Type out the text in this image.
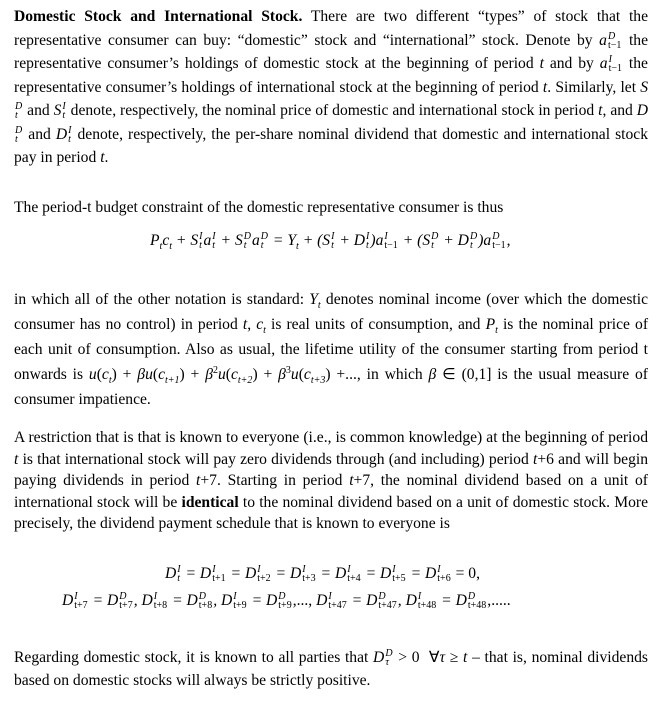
Domestic Stock and International Stock. There are two different “types” of stock that the representative consumer can buy: “domestic” stock and “international” stock. Denote by a D
t−1 the representative consumer’s holdings of domestic stock at the beginning of period t and by a I
t−1 the representative consumer’s holdings of international stock at the beginning of period t. Similarly, let S
D
t and S I
t denote, respectively, the nominal price of domestic and international stock in period t, and D
D
t and D I
t denote, respectively, the per-share nominal dividend that domestic and international stock pay in period t.

The period-t budget constraint of the domestic representative consumer is thus

$P_tc_t + S$ I
t a I
t + S D
t a D
$t = Y_t + (S$ I
t + D I
t )a I
t−1 + (S D
t + D D
t )a D
t−1 ,

in which all of the other notation is standard: $Y_t$ denotes nominal income (over which the domestic consumer has no control) in period t, $c_t$ is real units of consumption, and $P_t$ is the nominal price of each unit of consumption. Also as usual, the lifetime utility of the consumer starting from period t onwards is $u(c_t) + \beta u(c_{t+1}) + \beta^2u(c_{t+2}) + \beta^3u(c_{t+3})$ +..., in which β ∈ (0,1] is the usual measure of consumer impatience.

A restriction that is that is known to everyone (i.e., is common knowledge) at the beginning of period t is that international stock will pay zero dividends through (and including) period t+6 and will begin paying dividends in period t+7. Starting in period t+7, the nominal dividend based on a unit of international stock will be identical to the nominal dividend based on a unit of domestic stock. More precisely, the dividend payment schedule that is known to everyone is

D I
t = D I
t+1 = D I
t+2 = D I
t+3 = D I
t+4 = D I
t+5 = D I
t+6 = 0,
D I
t+7 = D D
t+7 , D I
t+8 = D D
t+8 , D I
t+9 = D D
t+9 ,..., D I
t+47 = D D
t+47 , D I
t+48 = D D
t+48 ,.....

Regarding domestic stock, it is known to all parties that D D
τ > 0  ∀τ ≥ t – that is, nominal dividends based on domestic stocks will always be strictly positive.
